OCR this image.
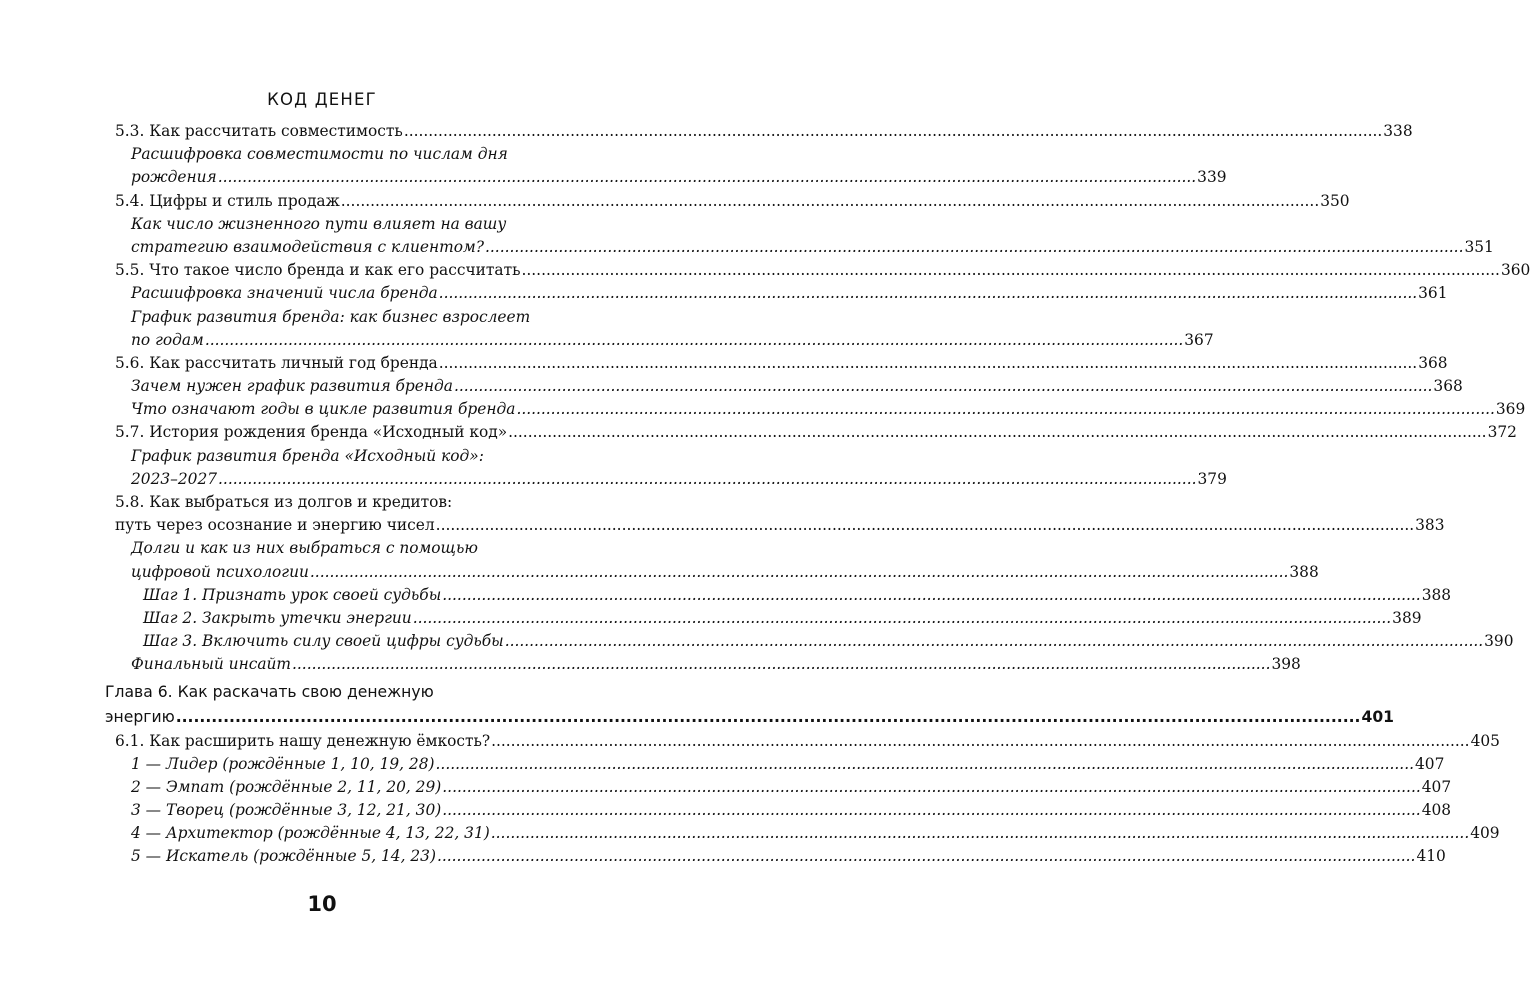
КОД ДЕНЕГ
5.3. Как рассчитать совместимость .....	338
Расшифровка совместимости по числам дня
рождения .....	339
5.4. Цифры и стиль продаж .....	350
Как число жизненного пути влияет на вашу
стратегию взаимодействия с клиентом? .....	351
5.5. Что такое число бренда и как его рассчитать .....	360
Расшифровка значений числа бренда .....	361
График развития бренда: как бизнес взрослеет
по годам .....	367
5.6. Как рассчитать личный год бренда .....	368
Зачем нужен график развития бренда .....	368
Что означают годы в цикле развития бренда .....	369
5.7. История рождения бренда «Исходный код» .....	372
График развития бренда «Исходный код»:
2023–2027 .....	379
5.8. Как выбраться из долгов и кредитов:
путь через осознание и энергию чисел .....	383
Долги и как из них выбраться с помощью
цифровой психологии .....	388
Шаг 1. Признать урок своей судьбы .....	388
Шаг 2. Закрыть утечки энергии .....	389
Шаг 3. Включить силу своей цифры судьбы .....	390
Финальный инсайт .....	398
Глава 6. Как раскачать свою денежную
энергию .....	401
6.1. Как расширить нашу денежную ёмкость? .....	405
1 — Лидер (рождённые 1, 10, 19, 28) .....	407
2 — Эмпат (рождённые 2, 11, 20, 29) .....	407
3 — Творец (рождённые 3, 12, 21, 30) .....	408
4 — Архитектор (рождённые 4, 13, 22, 31) .....	409
5 — Искатель (рождённые 5, 14, 23) .....	410
10
